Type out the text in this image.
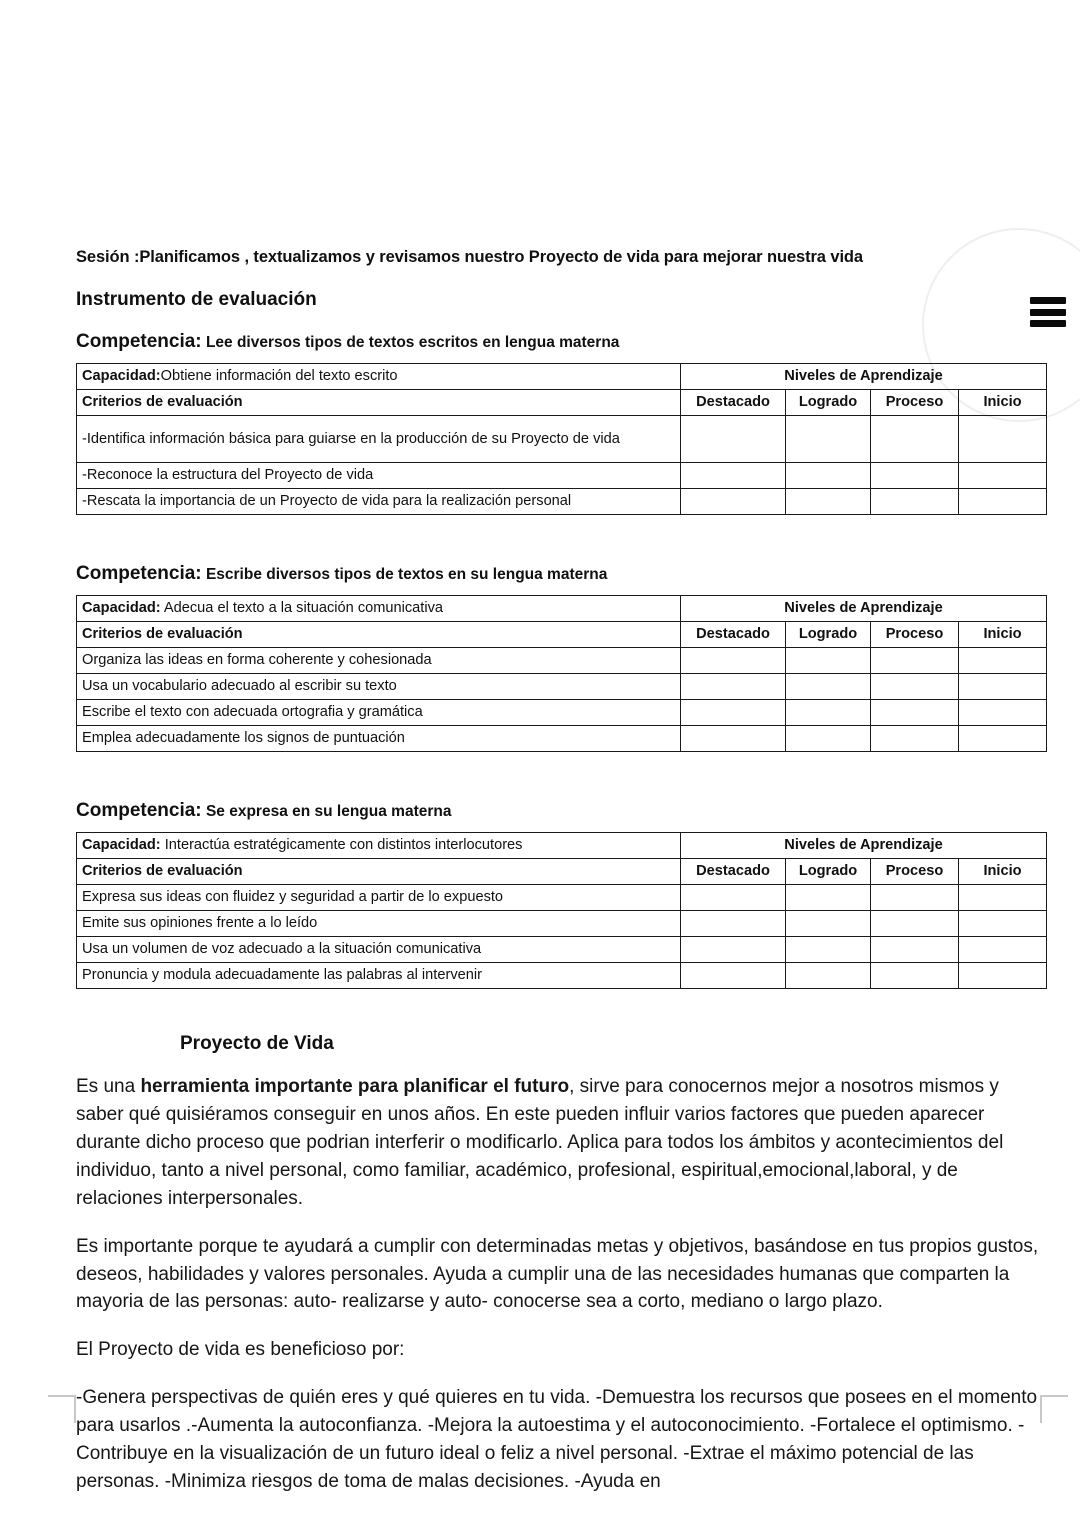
Sesión :Planificamos , textualizamos y revisamos nuestro Proyecto de vida para mejorar nuestra vida
Instrumento de evaluación
Competencia: Lee diversos tipos de textos escritos en lengua materna
Capacidad:Obtiene información del texto escrito	Niveles de Aprendizaje			
Criterios de evaluación	Destacado	Logrado	Proceso	Inicio
-Identifica información básica para guiarse en la producción de su Proyecto de vida				
-Reconoce la estructura del Proyecto de vida				
-Rescata la importancia de un Proyecto de vida para la realización personal				
Competencia: Escribe diversos tipos de textos en su lengua materna
Capacidad: Adecua el texto a la situación comunicativa	Niveles de Aprendizaje			
Criterios de evaluación	Destacado	Logrado	Proceso	Inicio
Organiza las ideas en forma coherente y cohesionada				
Usa un vocabulario adecuado al escribir su texto				
Escribe el texto con adecuada ortografia y gramática				
Emplea adecuadamente los signos de puntuación				
Competencia: Se expresa en su lengua materna
Capacidad: Interactúa estratégicamente con distintos interlocutores	Niveles de Aprendizaje			
Criterios de evaluación	Destacado	Logrado	Proceso	Inicio
Expresa sus ideas con fluidez y seguridad a partir de lo expuesto				
Emite sus opiniones frente a lo leído				
Usa un volumen de voz adecuado a la situación comunicativa				
Pronuncia y modula adecuadamente las palabras al intervenir				
Proyecto de Vida

Es una herramienta importante para planificar el futuro, sirve para conocernos mejor a nosotros mismos y saber qué quisiéramos conseguir en unos años. En este pueden influir varios factores que pueden aparecer durante dicho proceso que podrian interferir o modificarlo. Aplica para todos los ámbitos y acontecimientos del individuo, tanto a nivel personal, como familiar, académico, profesional, espiritual,emocional,laboral, y de relaciones interpersonales.

Es importante porque te ayudará a cumplir con determinadas metas y objetivos, basándose en tus propios gustos, deseos, habilidades y valores personales. Ayuda a cumplir una de las necesidades humanas que comparten la mayoria de las personas: auto- realizarse y auto- conocerse sea a corto, mediano o largo plazo.

El Proyecto de vida es beneficioso por:

-Genera perspectivas de quién eres y qué quieres en tu vida. -Demuestra los recursos que posees en el momento para usarlos .-Aumenta la autoconfianza. -Mejora la autoestima y el autoconocimiento. -Fortalece el optimismo. -Contribuye en la visualización de un futuro ideal o feliz a nivel personal. -Extrae el máximo potencial de las personas. -Minimiza riesgos de toma de malas decisiones. -Ayuda en
